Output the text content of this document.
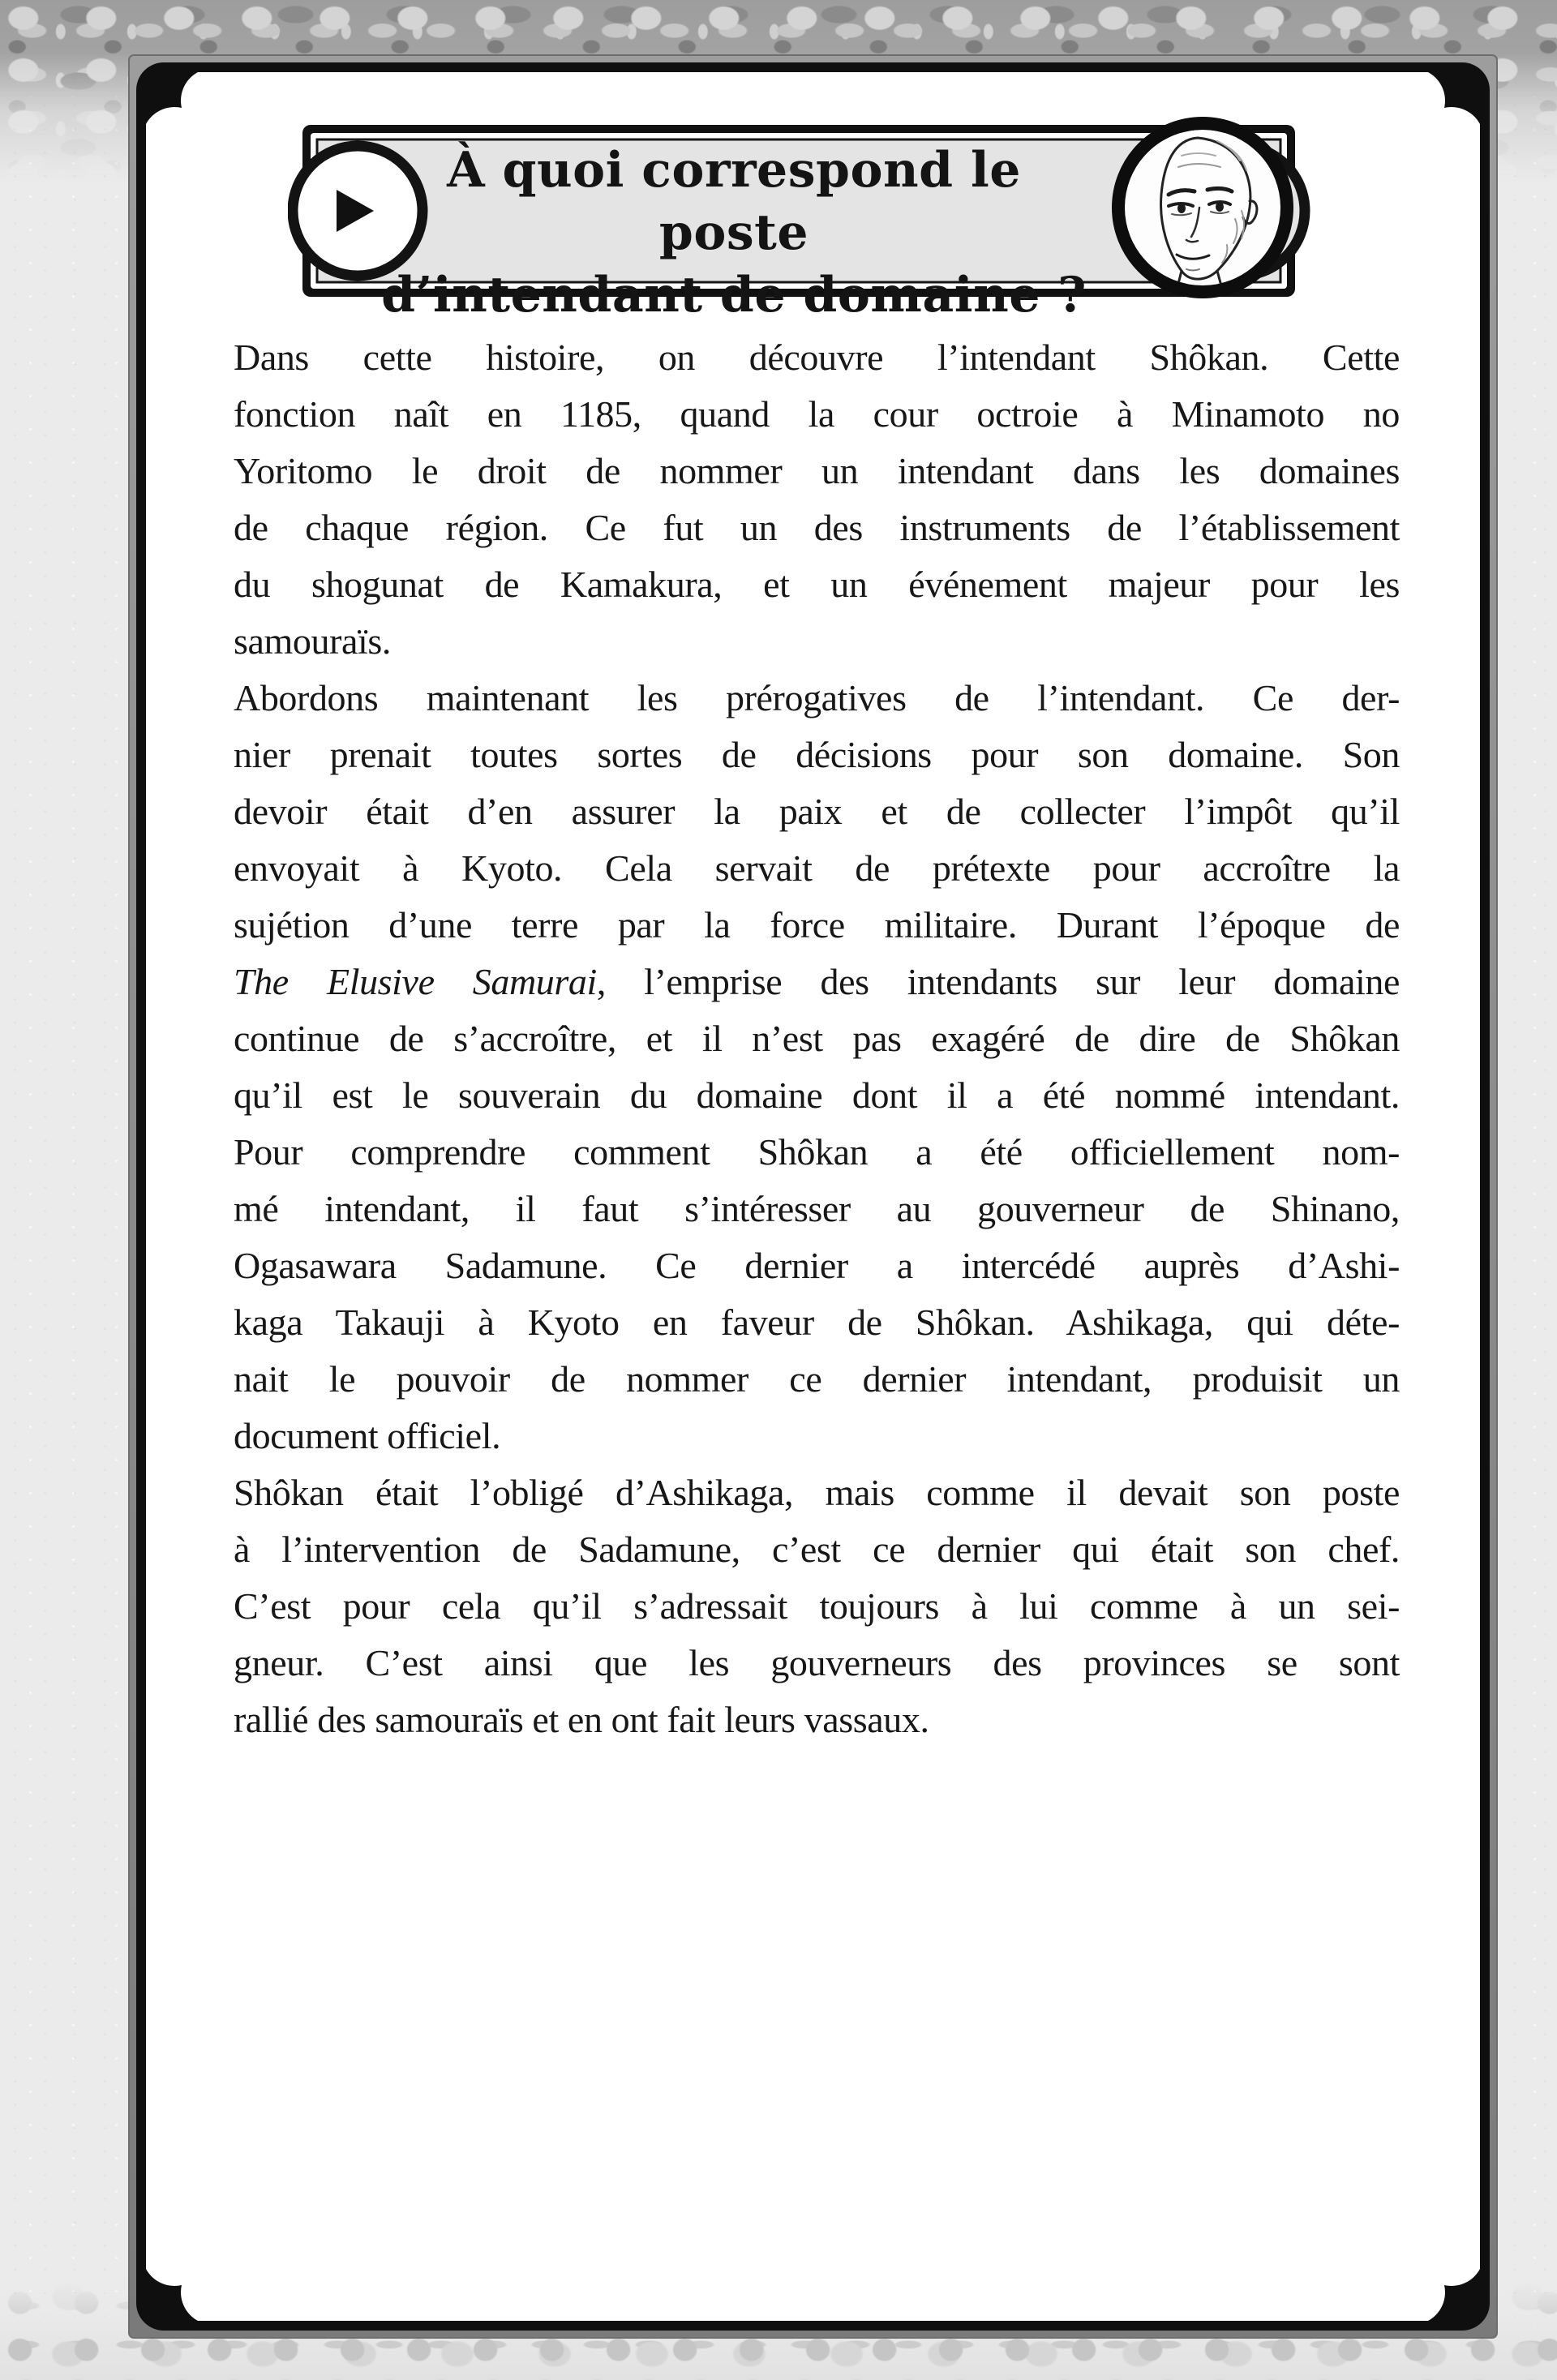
À quoi correspond le poste
d’intendant de domaine ?
Dans cette histoire, on découvre l’intendant Shôkan. Cette
fonction naît en 1185, quand la cour octroie à Minamoto no
Yoritomo le droit de nommer un intendant dans les domaines
de chaque région. Ce fut un des instruments de l’établissement
du shogunat de Kamakura, et un événement majeur pour les
samouraïs.
Abordons maintenant les prérogatives de l’intendant. Ce der-
nier prenait toutes sortes de décisions pour son domaine. Son
devoir était d’en assurer la paix et de collecter l’impôt qu’il
envoyait à Kyoto. Cela servait de prétexte pour accroître la
sujétion d’une terre par la force militaire. Durant l’époque de
The Elusive Samurai, l’emprise des intendants sur leur domaine
continue de s’accroître, et il n’est pas exagéré de dire de Shôkan
qu’il est le souverain du domaine dont il a été nommé intendant.
Pour comprendre comment Shôkan a été officiellement nom-
mé intendant, il faut s’intéresser au gouverneur de Shinano,
Ogasawara Sadamune. Ce dernier a intercédé auprès d’Ashi-
kaga Takauji à Kyoto en faveur de Shôkan. Ashikaga, qui déte-
nait le pouvoir de nommer ce dernier intendant, produisit un
document officiel.
Shôkan était l’obligé d’Ashikaga, mais comme il devait son poste
à l’intervention de Sadamune, c’est ce dernier qui était son chef.
C’est pour cela qu’il s’adressait toujours à lui comme à un sei-
gneur. C’est ainsi que les gouverneurs des provinces se sont
rallié des samouraïs et en ont fait leurs vassaux.
